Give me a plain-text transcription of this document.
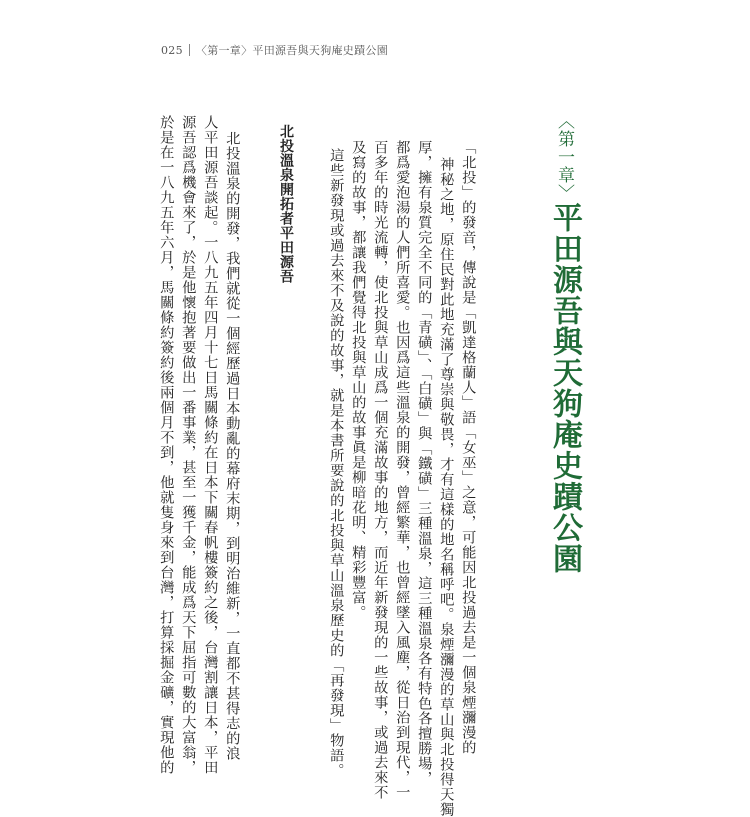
025 〈第一章〉平田源吾與天狗庵史蹟公園
〈第一章〉平田源吾與天狗庵史蹟公園
「北投」的發音，傳說是「凱達格蘭人」語「女巫」之意，可能因北投過去是一個泉煙瀰漫的
神秘之地，原住民對此地充滿了尊崇與敬畏，才有這樣的地名稱呼吧。泉煙瀰漫的草山與北投得天獨
厚，擁有泉質完全不同的「青磺」、「白磺」與「鐵磺」三種溫泉，這三種溫泉各有特色各擅勝場，
都爲愛泡湯的人們所喜愛。也因爲這些溫泉的開發，曾經繁華，也曾經墜入風塵，從日治到現代，一
百多年的時光流轉，使北投與草山成爲一個充滿故事的地方，而近年新發現的一些故事，或過去來不
及寫的故事，都讓我們覺得北投與草山的故事眞是柳暗花明、精彩豐富。
這些新發現或過去來不及說的故事，就是本書所要說的北投與草山溫泉歷史的「再發現」物語。
北投溫泉開拓者平田源吾
北投溫泉的開發，我們就從一個經歷過日本動亂的幕府末期，到明治維新，一直都不甚得志的浪
人平田源吾談起。一八九五年四月十七日馬關條約在日本下關春帆樓簽約之後，台灣割讓日本，平田
源吾認爲機會來了，於是他懷抱著要做出一番事業，甚至一獲千金，能成爲天下屈指可數的大富翁，
於是在一八九五年六月，馬關條約簽約後兩個月不到，他就隻身來到台灣，打算採掘金礦，實現他的
